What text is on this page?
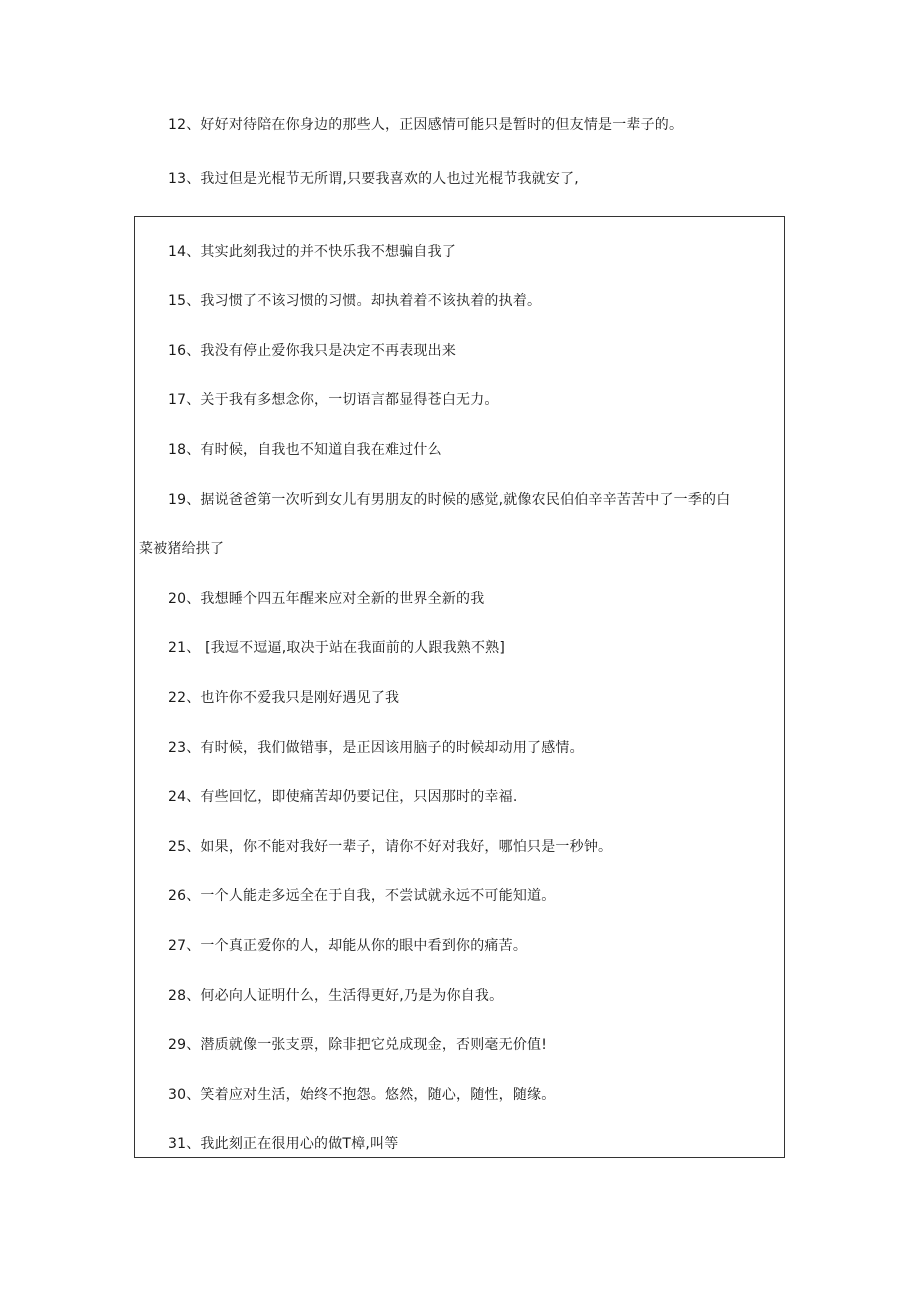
12、好好对待陪在你身边的那些人，正因感情可能只是暂时的但友情是一辈子的。
13、我过但是光棍节无所谓,只要我喜欢的人也过光棍节我就安了,
14、其实此刻我过的并不快乐我不想骗自我了
15、我习惯了不该习惯的习惯。却执着着不该执着的执着。
16、我没有停止爱你我只是决定不再表现出来
17、关于我有多想念你，一切语言都显得苍白无力。
18、有时候，自我也不知道自我在难过什么
19、据说爸爸第一次听到女儿有男朋友的时候的感觉,就像农民伯伯辛辛苦苦中了一季的白
菜被猪给拱了
20、我想睡个四五年醒来应对全新的世界全新的我
21、 [我逗不逗逼,取决于站在我面前的人跟我熟不熟]
22、也许你不爱我只是刚好遇见了我
23、有时候，我们做错事，是正因该用脑子的时候却动用了感情。
24、有些回忆，即使痛苦却仍要记住，只因那时的幸福.
25、如果，你不能对我好一辈子，请你不好对我好，哪怕只是一秒钟。
26、一个人能走多远全在于自我，不尝试就永远不可能知道。
27、一个真正爱你的人，却能从你的眼中看到你的痛苦。
28、何必向人证明什么，生活得更好,乃是为你自我。
29、潜质就像一张支票，除非把它兑成现金，否则毫无价值!
30、笑着应对生活，始终不抱怨。悠然，随心，随性，随缘。
31、我此刻正在很用心的做T樟,叫等
